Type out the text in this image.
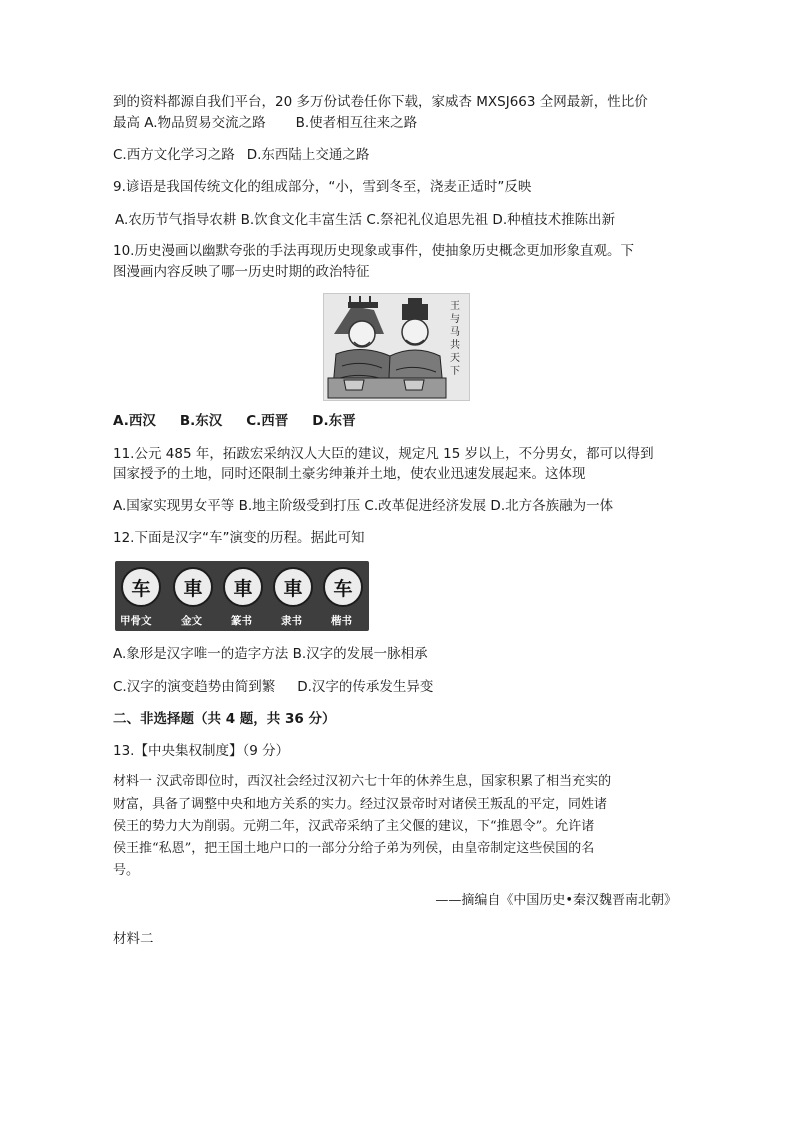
到的资料都源自我们平台，20 多万份试卷任你下载，家威杏 MXSJ663 全网最新，性比价
最高 A.物品贸易交流之路 B.使者相互往来之路
C.西方文化学习之路 D.东西陆上交通之路
9.谚语是我国传统文化的组成部分，“小，雪到冬至，浇麦正适时”反映
A.农历节气指导农耕 B.饮食文化丰富生活 C.祭祀礼仪追思先祖 D.种植技术推陈出新
10.历史漫画以幽默夸张的手法再现历史现象或事件，使抽象历史概念更加形象直观。下
图漫画内容反映了哪一历史时期的政治特征
王与马共天下
A.西汉 B.东汉 C.西晋 D.东晋
11.公元 485 年，拓跋宏采纳汉人大臣的建议，规定凡 15 岁以上，不分男女，都可以得到
国家授予的土地，同时还限制土豪劣绅兼并土地，使农业迅速发展起来。这体现
A.国家实现男女平等 B.地主阶级受到打压 C.改革促进经济发展 D.北方各族融为一体
12.下面是汉字“车”演变的历程。据此可知
车	車	車	車	车
甲骨文	金文	篆书	隶书	楷书
A.象形是汉字唯一的造字方法 B.汉字的发展一脉相承
C.汉字的演变趋势由简到繁 D.汉字的传承发生异变
二、非选择题（共 4 题，共 36 分）
13.【中央集权制度】（9 分）
材料一 汉武帝即位时，西汉社会经过汉初六七十年的休养生息，国家积累了相当充实的
财富，具备了调整中央和地方关系的实力。经过汉景帝时对诸侯王叛乱的平定，同姓诸
侯王的势力大为削弱。元朔二年，汉武帝采纳了主父偃的建议，下“推恩令”。允许诸
侯王推“私恩”，把王国土地户口的一部分分给子弟为列侯，由皇帝制定这些侯国的名
号。
——摘编自《中国历史•秦汉魏晋南北朝》
材料二
